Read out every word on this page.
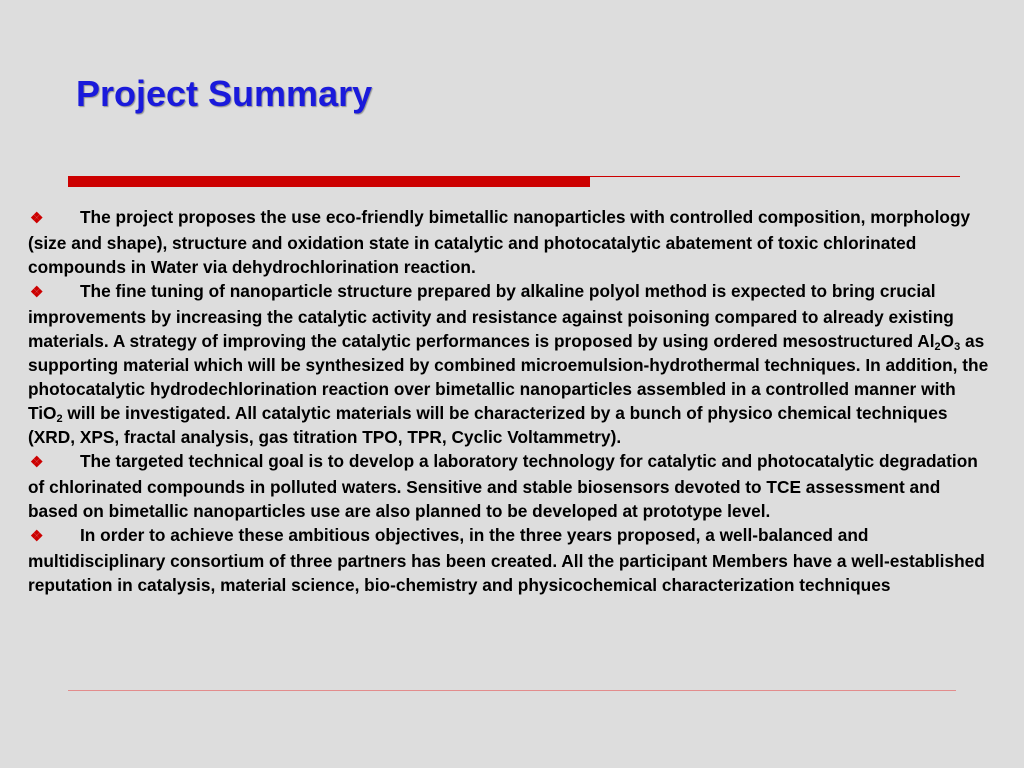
Project Summary
❖ The project proposes the use eco-friendly bimetallic nanoparticles with controlled composition, morphology (size and shape), structure and oxidation state in catalytic and photocatalytic abatement of toxic chlorinated compounds in Water via dehydrochlorination reaction.
❖ The fine tuning of nanoparticle structure prepared by alkaline polyol method is expected to bring crucial improvements by increasing the catalytic activity and resistance against poisoning compared to already existing materials. A strategy of improving the catalytic performances is proposed by using ordered mesostructured $Al_2O_3$ as supporting material which will be synthesized by combined microemulsion-hydrothermal techniques. In addition, the photocatalytic hydrodechlorination reaction over bimetallic nanoparticles assembled in a controlled manner with TiO$_2$ will be investigated. All catalytic materials will be characterized by a bunch of physico chemical techniques (XRD, XPS, fractal analysis, gas titration TPO, TPR, Cyclic Voltammetry).
❖ The targeted technical goal is to develop a laboratory technology for catalytic and photocatalytic degradation of chlorinated compounds in polluted waters. Sensitive and stable biosensors devoted to TCE assessment and based on bimetallic nanoparticles use are also planned to be developed at prototype level.
❖ In order to achieve these ambitious objectives, in the three years proposed, a well-balanced and multidisciplinary consortium of three partners has been created. All the participant Members have a well-established reputation in catalysis, material science, bio-chemistry and physicochemical characterization techniques
